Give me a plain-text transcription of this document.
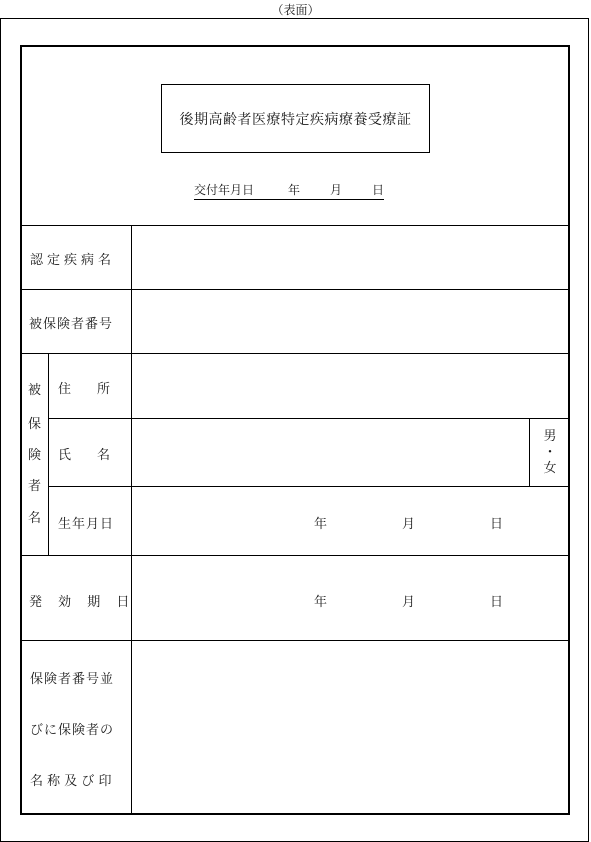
（表面）
後期高齢者医療特定疾病療養受療証
交付年月日	年	月	日
認定疾病名
被保険者番号
被
保
険
者
名
住　　所
氏　　名
男
・
女
生年月日	年	月	日
発 効 期 日	年	月	日
保険者番号並
びに保険者の
名 称 及 び 印
